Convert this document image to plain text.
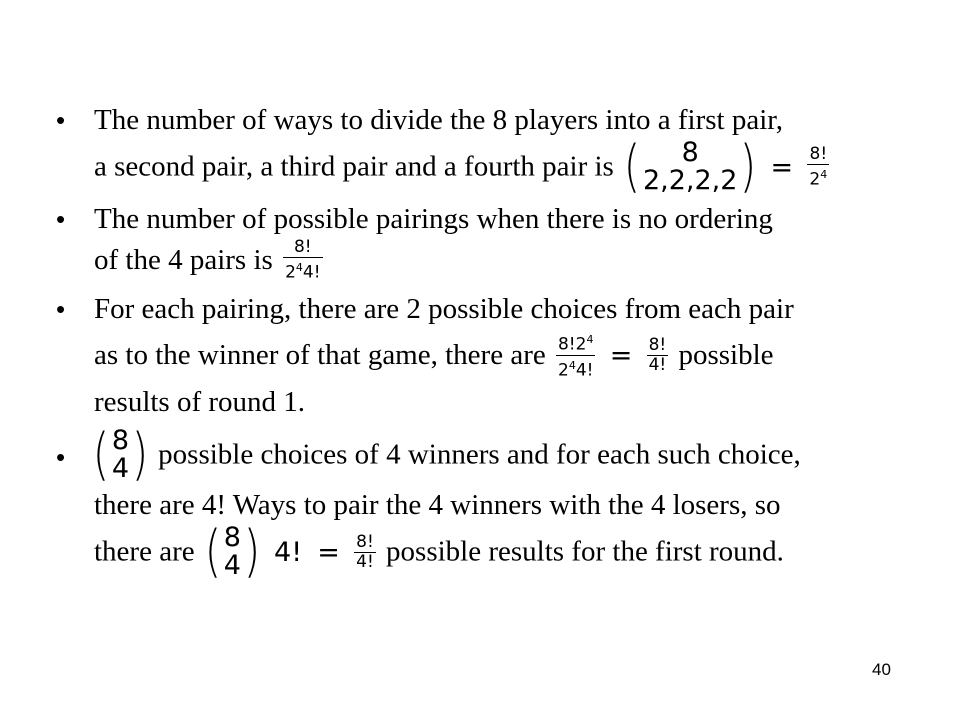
• The number of ways to divide the 8 players into a first pair,
a second pair, a third pair and a fourth pair is ( 8
2,2,2,2 ) = $\frac{8!}{2^4}$
• The number of possible pairings when there is no ordering
of the 4 pairs is $\frac{8!}{2^44!}$
• For each pairing, there are 2 possible choices from each pair
as to the winner of that game, there are $\frac{8!2^4}{2^44!} = \frac{8!}{4!}$ possible
results of round 1.
• ( 8
4 ) possible choices of 4 winners and for each such choice,
there are 4! Ways to pair the 4 winners with the 4 losers, so
there are ( 8
4 ) 4! = $\frac{8!}{4!}$ possible results for the first round.
40
